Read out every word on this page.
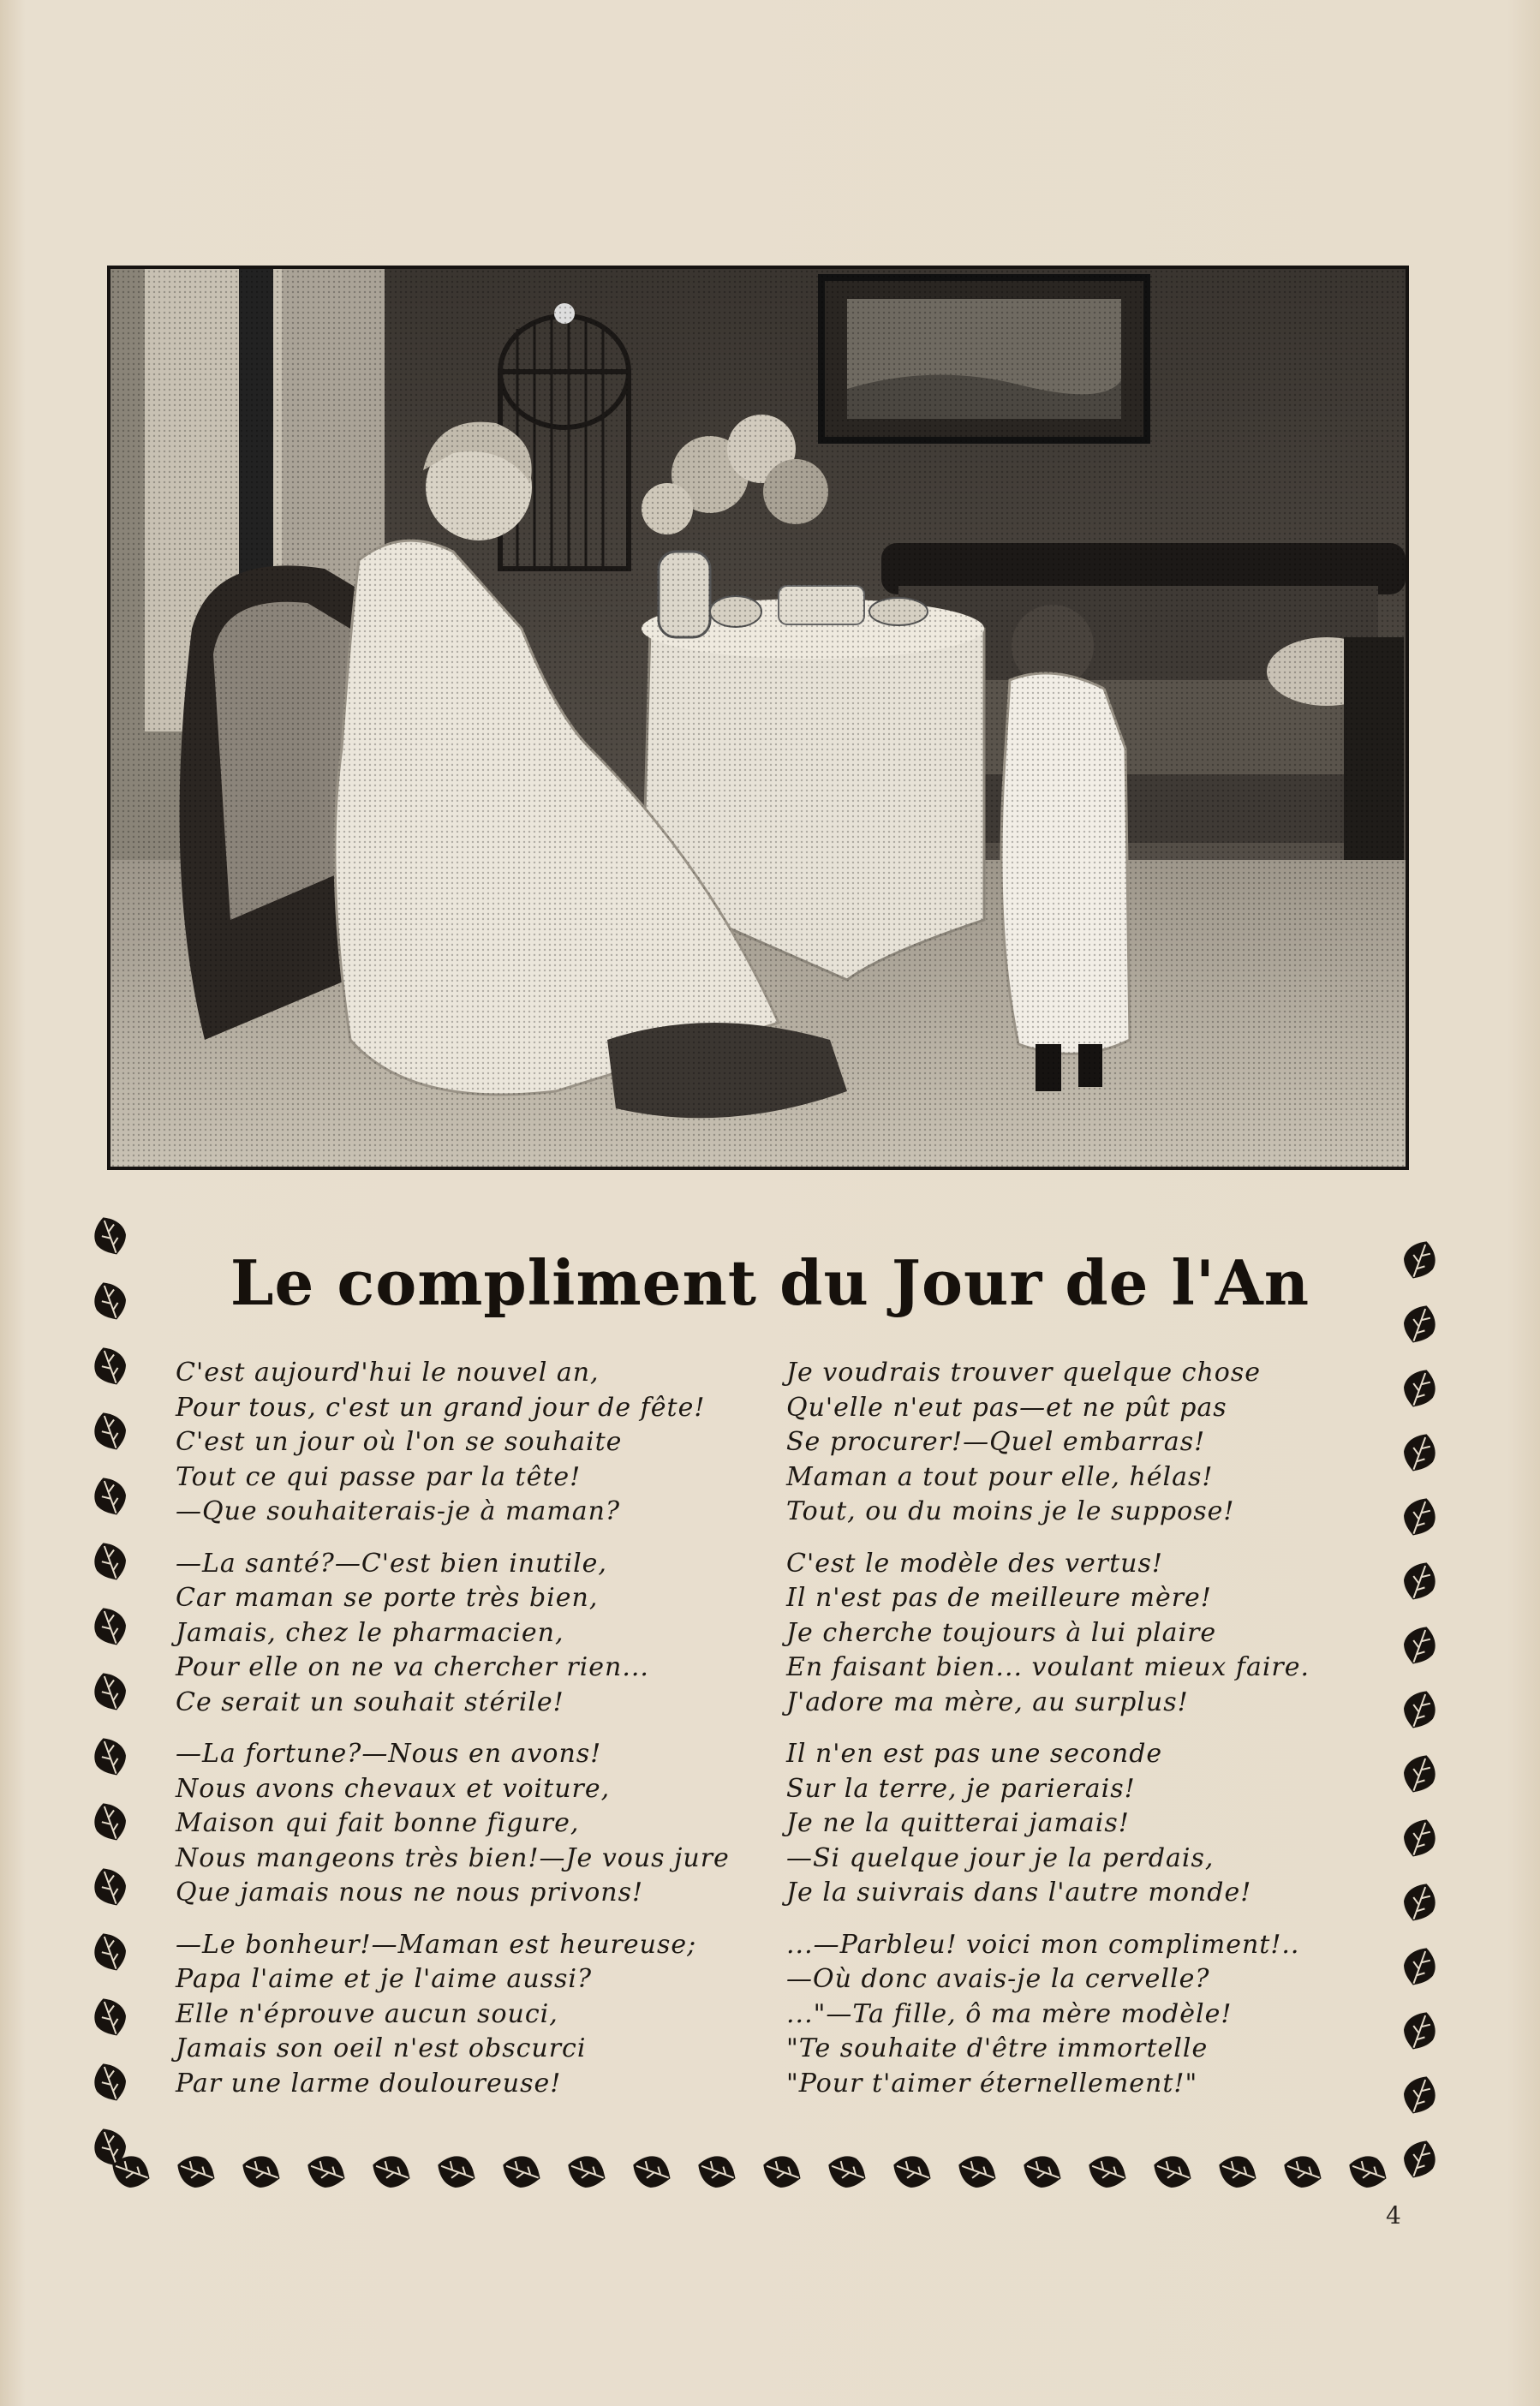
Le compliment du Jour de l'An
C'est aujourd'hui le nouvel an,
Pour tous, c'est un grand jour de fête!
C'est un jour où l'on se souhaite
Tout ce qui passe par la tête!
—Que souhaiterais-je à maman?
—La santé?—C'est bien inutile,
Car maman se porte très bien,
Jamais, chez le pharmacien,
Pour elle on ne va chercher rien...
Ce serait un souhait stérile!
—La fortune?—Nous en avons!
Nous avons chevaux et voiture,
Maison qui fait bonne figure,
Nous mangeons très bien!—Je vous jure
Que jamais nous ne nous privons!
—Le bonheur!—Maman est heureuse;
Papa l'aime et je l'aime aussi?
Elle n'éprouve aucun souci,
Jamais son oeil n'est obscurci
Par une larme douloureuse!
Je voudrais trouver quelque chose
Qu'elle n'eut pas—et ne pût pas
Se procurer!—Quel embarras!
Maman a tout pour elle, hélas!
Tout, ou du moins je le suppose!
C'est le modèle des vertus!
Il n'est pas de meilleure mère!
Je cherche toujours à lui plaire
En faisant bien... voulant mieux faire.
J'adore ma mère, au surplus!
Il n'en est pas une seconde
Sur la terre, je parierais!
Je ne la quitterai jamais!
—Si quelque jour je la perdais,
Je la suivrais dans l'autre monde!
...—Parbleu! voici mon compliment!..
—Où donc avais-je la cervelle?
..."—Ta fille, ô ma mère modèle!
"Te souhaite d'être immortelle
"Pour t'aimer éternellement!"
4
